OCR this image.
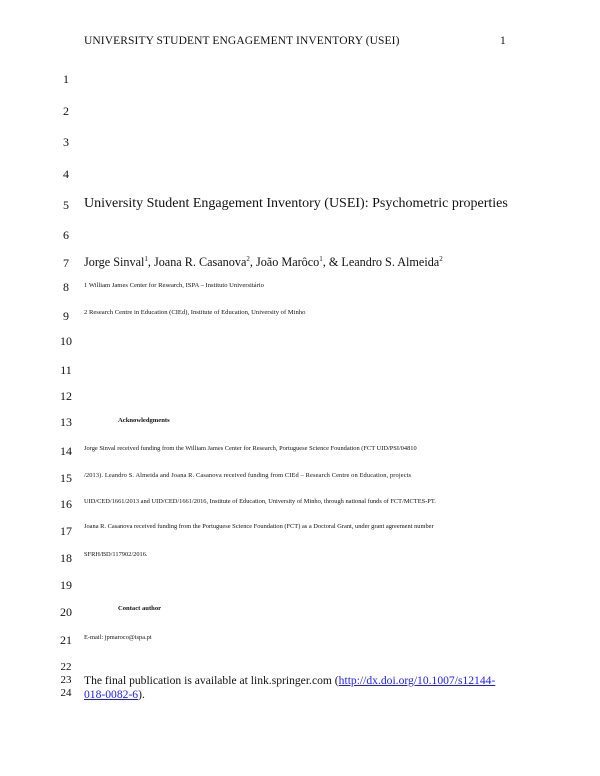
UNIVERSITY STUDENT ENGAGEMENT INVENTORY (USEI)	1
1
2
3
4
5
6
7
8
9
10
11
12
13
14
15
16
17
18
19
20
21
22
23
24
University Student Engagement Inventory (USEI): Psychometric properties
Jorge Sinval$^1$, Joana R. Casanova$^2$, João Marôco$^1$, & Leandro S. Almeida$^2$
1 William James Center for Research, ISPA – Instituto Universitário
2 Research Centre in Education (CIEd), Institute of Education, University of Minho
Acknowledgments
Jorge Sinval received funding from the William James Center for Research, Portuguese Science Foundation (FCT UID/PSI/04810
/2013). Leandro S. Almeida and Joana R. Casanova received funding from CIEd – Research Centre on Education, projects
UID/CED/1661/2013 and UID/CED/1661/2016, Institute of Education, University of Minho, through national funds of FCT/MCTES-PT.
Joana R. Casanova received funding from the Portuguese Science Foundation (FCT) as a Doctoral Grant, under grant agreement number
SFRH/BD/117902/2016.
Contact author
E-mail: jpmaroco@ispa.pt
The final publication is available at link.springer.com (http://dx.doi.org/10.1007/s12144-
018-0082-6).
